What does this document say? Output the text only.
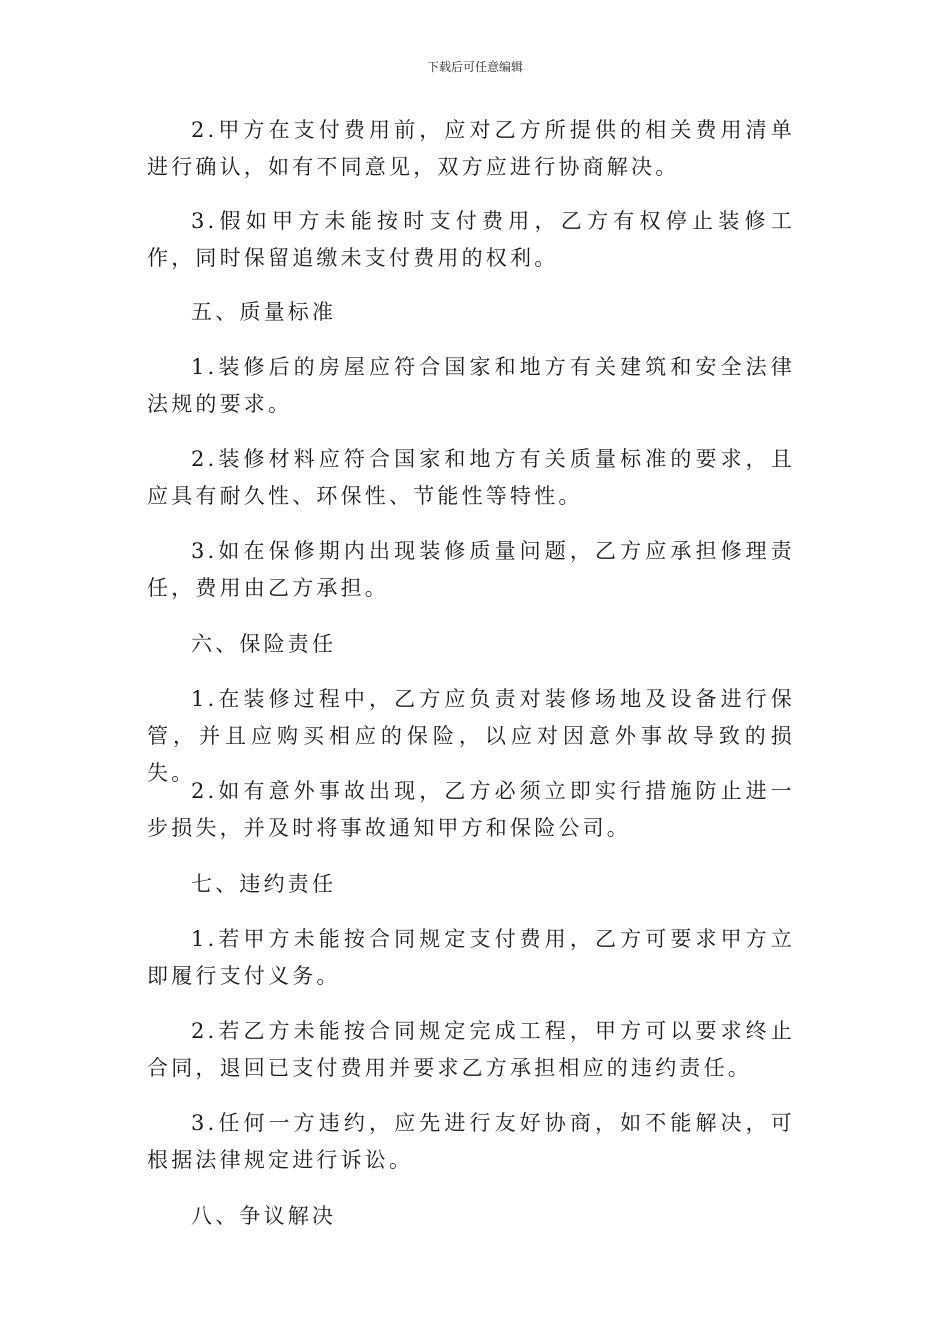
下载后可任意编辑
2.甲方在支付费用前，应对乙方所提供的相关费用清单进行确认，如有不同意见，双方应进行协商解决。
3.假如甲方未能按时支付费用，乙方有权停止装修工作，同时保留追缴未支付费用的权利。
五、质量标准
1.装修后的房屋应符合国家和地方有关建筑和安全法律法规的要求。
2.装修材料应符合国家和地方有关质量标准的要求，且应具有耐久性、环保性、节能性等特性。
3.如在保修期内出现装修质量问题，乙方应承担修理责任，费用由乙方承担。
六、保险责任
1.在装修过程中，乙方应负责对装修场地及设备进行保管，并且应购买相应的保险，以应对因意外事故导致的损失。
2.如有意外事故出现，乙方必须立即实行措施防止进一步损失，并及时将事故通知甲方和保险公司。
七、违约责任
1.若甲方未能按合同规定支付费用，乙方可要求甲方立即履行支付义务。
2.若乙方未能按合同规定完成工程，甲方可以要求终止合同，退回已支付费用并要求乙方承担相应的违约责任。
3.任何一方违约，应先进行友好协商，如不能解决，可根据法律规定进行诉讼。
八、争议解决
